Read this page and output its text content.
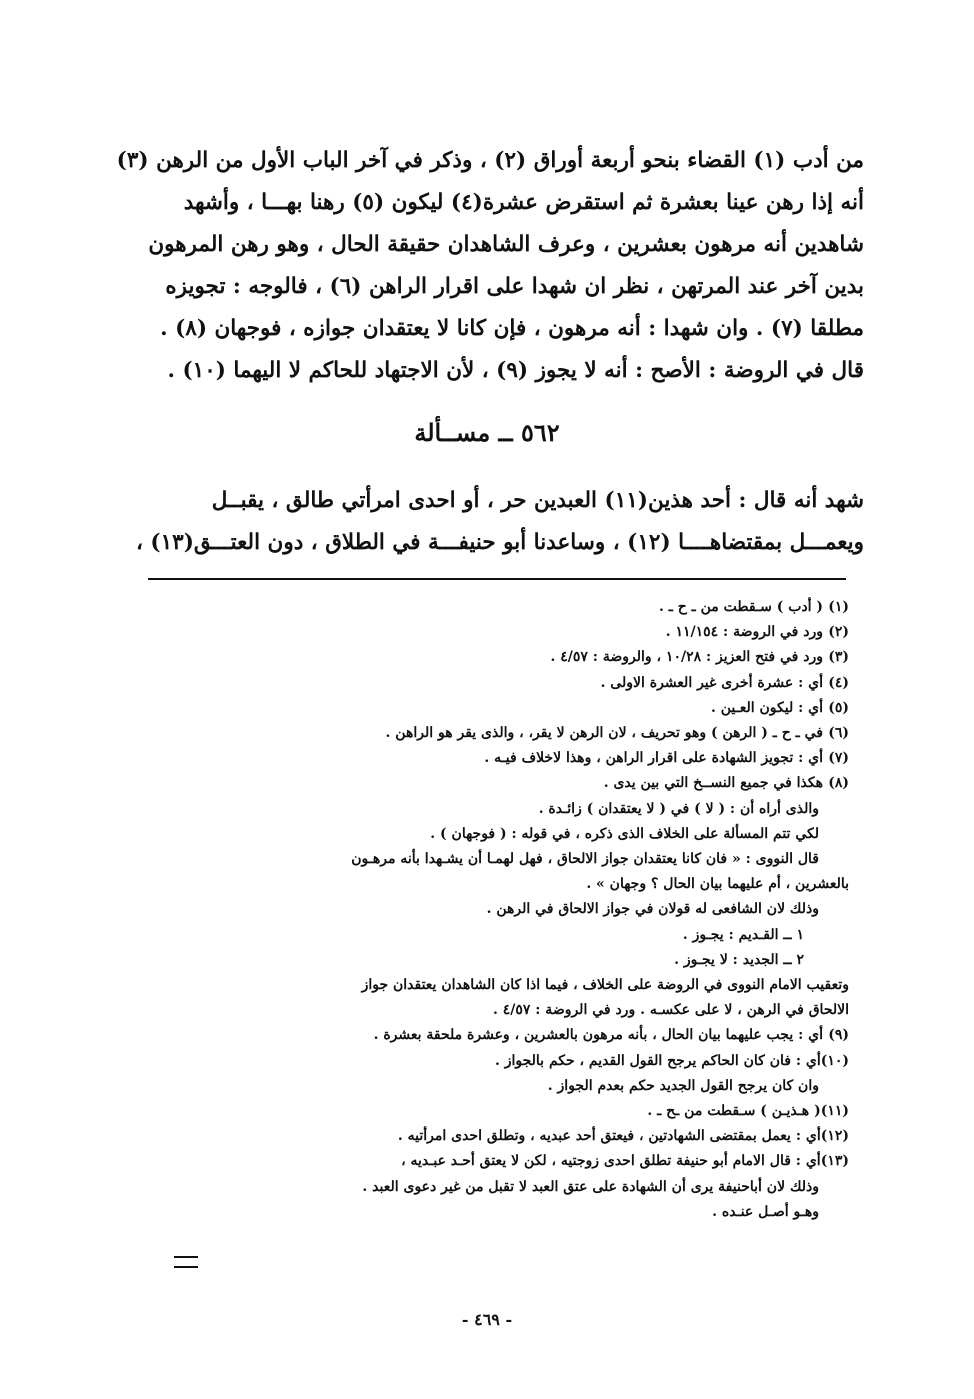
من أدب (١) القضاء بنحو أربعة أوراق (٢) ، وذكر في آخر الباب الأول من الرهن (٣)

أنه إذا رهن عينا بعشرة ثم استقرض عشرة(٤) ليكون (٥) رهنا بهـــا ، وأشهد

شاهدين أنه مرهون بعشرين ، وعرف الشاهدان حقيقة الحال ، وهو رهن المرهون

بدين آخر عند المرتهن ، نظر ان شهدا على اقرار الراهن (٦) ، فالوجه : تجويزه

مطلقا (٧) . وان شهدا : أنه مرهون ، فإن كانا لا يعتقدان جوازه ، فوجهان (٨) .

قال في الروضة : الأصح : أنه لا يجوز (٩) ، لأن الاجتهاد للحاكم لا اليهما (١٠) .

٥٦٢ ــ مســألة

شهد أنه قال : أحد هذين(١١) العبدين حر ، أو احدى امرأتي طالق ، يقبــل

ويعمـــل بمقتضاهــــا (١٢) ، وساعدنا أبو حنيفـــة في الطلاق ، دون العتـــق(١٣) ،

(١)( أدب ) سـقطت من ـ ح ـ .
(٢)ورد في الروضة : ١١/١٥٤ .
(٣)ورد في فتح العزيز : ١٠/٢٨ ، والروضة : ٤/٥٧ .
(٤)أي : عشرة أخرى غير العشرة الاولى .
(٥)أي : ليكون العـين .
(٦)في ـ ح ـ ( الرهن ) وهو تحريف ، لان الرهن لا يقر، ، والذى يقر هو الراهن .
(٧)أي : تجويز الشهادة على اقرار الراهن ، وهذا لاخلاف فيـه .
(٨)هكذا في جميع النســخ التي بين يدى .
والذى أراه أن : ( لا ) في ( لا يعتقدان ) زائـدة .
لكي تتم المسألة على الخلاف الذى ذكره ، في قوله : ( فوجهان ) .
قال النووى : « فان كانا يعتقدان جواز الالحاق ، فهل لهمـا أن يشـهدا بأنه مرهـون
بالعشرين ، أم عليهما بيان الحال ؟ وجهان » .
وذلك لان الشافعى له قولان في جواز الالحاق في الرهن .
١ ــ القـديم : يجـوز .
٢ ــ الجديد : لا يجـوز .
وتعقيب الامام النووى في الروضة على الخلاف ، فيما اذا كان الشاهدان يعتقدان جواز
الالحاق في الرهن ، لا على عكسـه . ورد في الروضة : ٤/٥٧ .
(٩)أي : يجب عليهما بيان الحال ، بأنه مرهون بالعشرين ، وعشرة ملحقة بعشرة .
(١٠)أي : فان كان الحاكم يرجح القول القديم ، حكم بالجواز .
وان كان يرجح القول الجديد حكم بعدم الجواز .
(١١)( هـذيـن ) سـقطت من ـح ـ .
(١٢)أي : يعمل بمقتضى الشهادتين ، فيعتق أحد عبديه ، وتطلق احدى امرأتيه .
(١٣)أي : قال الامام أبو حنيفة تطلق احدى زوجتيه ، لكن لا يعتق أحـد عبـديه ،
وذلك لان أباحنيفة يرى أن الشهادة على عتق العبد لا تقبل من غير دعوى العبد .
وهـو أصـل عنـده .
- ٤٦٩ -
